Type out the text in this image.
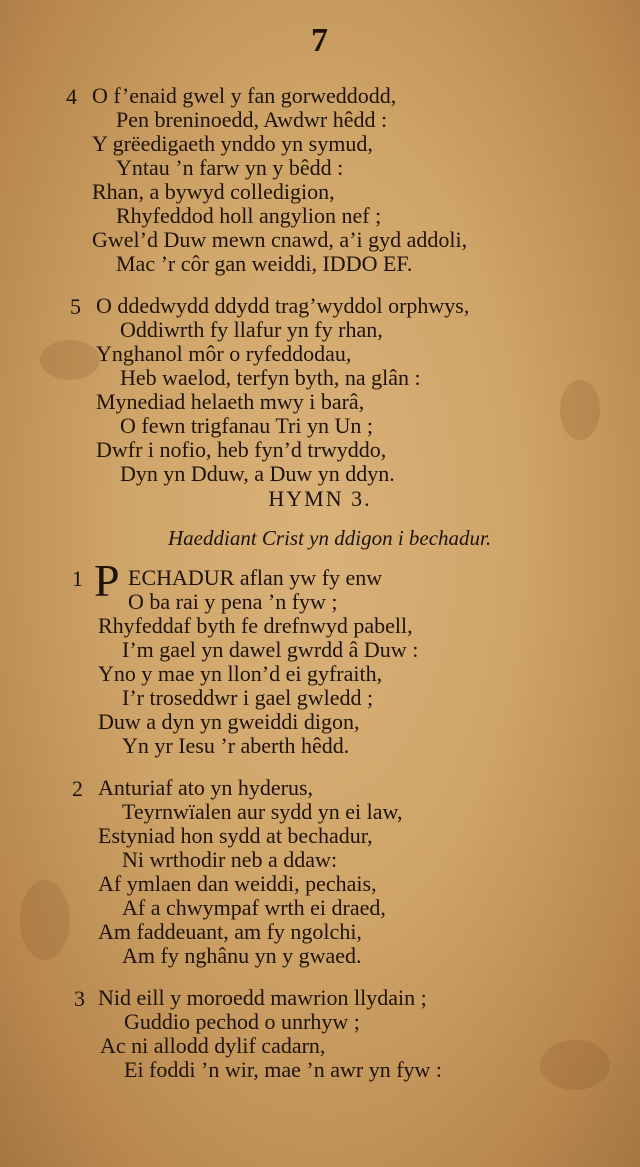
7
4 O f’enaid gwel y fan gorweddodd,
Pen breninoedd, Awdwr hêdd :
Y grëedigaeth ynddo yn symud,
Yntau ’n farw yn y bêdd :
Rhan, a bywyd colledigion,
Rhyfeddod holl angylion nef ;
Gwel’d Duw mewn cnawd, a’i gyd addoli,
Mac ’r côr gan weiddi, IDDO EF.
5 O ddedwydd ddydd trag’wyddol orphwys,
Oddiwrth fy llafur yn fy rhan,
Ynghanol môr o ryfeddodau,
Heb waelod, terfyn byth, na glân :
Mynediad helaeth mwy i barâ,
O fewn trigfanau Tri yn Un ;
Dwfr i nofio, heb fyn’d trwyddo,
Dyn yn Dduw, a Duw yn ddyn.
HYMN 3.
Haeddiant Crist yn ddigon i bechadur.
1 P ECHADUR aflan yw fy enw
O ba rai y pena ’n fyw ;
Rhyfeddaf byth fe drefnwyd pabell,
I’m gael yn dawel gwrdd â Duw :
Yno y mae yn llon’d ei gyfraith,
I’r troseddwr i gael gwledd ;
Duw a dyn yn gweiddi digon,
Yn yr Iesu ’r aberth hêdd.
2 Anturiaf ato yn hyderus,
Teyrnwïalen aur sydd yn ei law,
Estyniad hon sydd at bechadur,
Ni wrthodir neb a ddaw:
Af ymlaen dan weiddi, pechais,
Af a chwympaf wrth ei draed,
Am faddeuant, am fy ngolchi,
Am fy nghânu yn y gwaed.
3 Nid eill y moroedd mawrion llydain ;
Guddio pechod o unrhyw ;
Ac ni allodd dylif cadarn,
Ei foddi ’n wir, mae ’n awr yn fyw :
